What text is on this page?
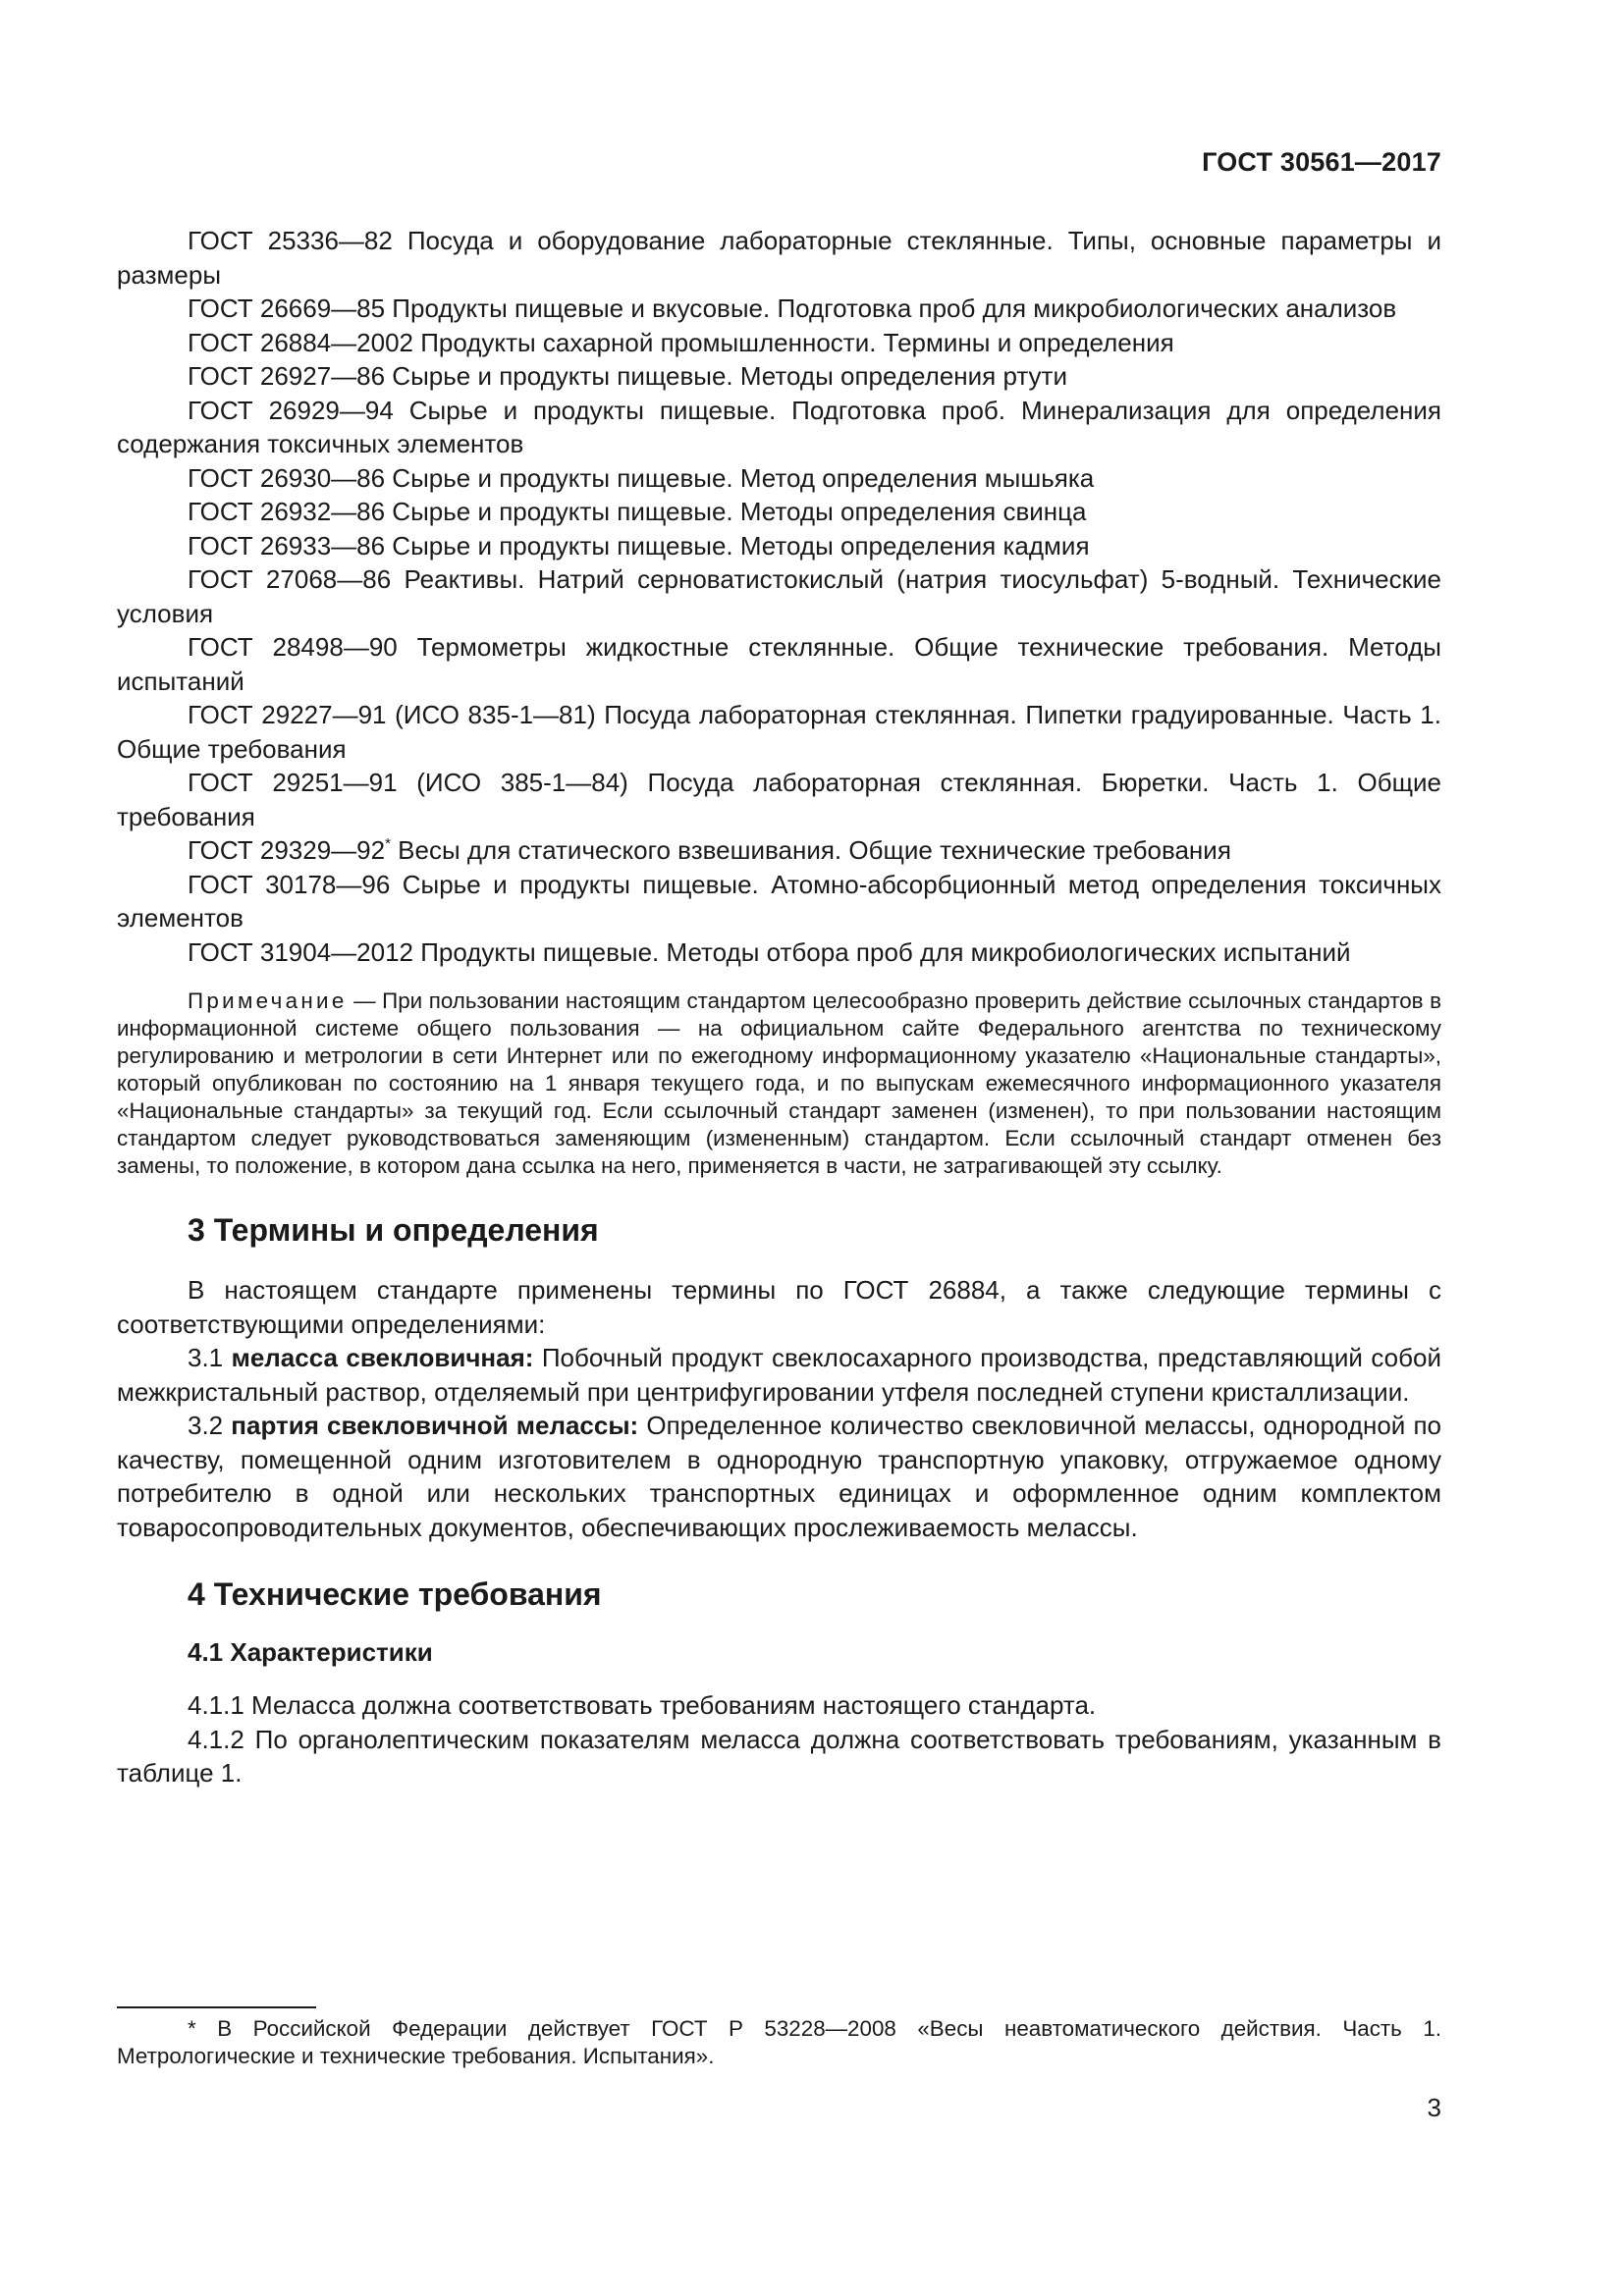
ГОСТ 30561—2017

ГОСТ 25336—82 Посуда и оборудование лабораторные стеклянные. Типы, основные параметры и размеры

ГОСТ 26669—85 Продукты пищевые и вкусовые. Подготовка проб для микробиологических анализов

ГОСТ 26884—2002 Продукты сахарной промышленности. Термины и определения

ГОСТ 26927—86 Сырье и продукты пищевые. Методы определения ртути

ГОСТ 26929—94 Сырье и продукты пищевые. Подготовка проб. Минерализация для определения содержания токсичных элементов

ГОСТ 26930—86 Сырье и продукты пищевые. Метод определения мышьяка

ГОСТ 26932—86 Сырье и продукты пищевые. Методы определения свинца

ГОСТ 26933—86 Сырье и продукты пищевые. Методы определения кадмия

ГОСТ 27068—86 Реактивы. Натрий серноватистокислый (натрия тиосульфат) 5-водный. Технические условия

ГОСТ 28498—90 Термометры жидкостные стеклянные. Общие технические требования. Методы испытаний

ГОСТ 29227—91 (ИСО 835-1—81) Посуда лабораторная стеклянная. Пипетки градуированные. Часть 1. Общие требования

ГОСТ 29251—91 (ИСО 385-1—84) Посуда лабораторная стеклянная. Бюретки. Часть 1. Общие требования

ГОСТ 29329—92* Весы для статического взвешивания. Общие технические требования

ГОСТ 30178—96 Сырье и продукты пищевые. Атомно-абсорбционный метод определения токсичных элементов

ГОСТ 31904—2012 Продукты пищевые. Методы отбора проб для микробиологических испытаний

Примечание — При пользовании настоящим стандартом целесообразно проверить действие ссылочных стандартов в информационной системе общего пользования — на официальном сайте Федерального агентства по техническому регулированию и метрологии в сети Интернет или по ежегодному информационному указателю «Национальные стандарты», который опубликован по состоянию на 1 января текущего года, и по выпускам ежемесячного информационного указателя «Национальные стандарты» за текущий год. Если ссылочный стандарт заменен (изменен), то при пользовании настоящим стандартом следует руководствоваться заменяющим (измененным) стандартом. Если ссылочный стандарт отменен без замены, то положение, в котором дана ссылка на него, применяется в части, не затрагивающей эту ссылку.

3 Термины и определения

В настоящем стандарте применены термины по ГОСТ 26884, а также следующие термины с соответствующими определениями:

3.1 меласса свекловичная: Побочный продукт свеклосахарного производства, представляющий собой межкристальный раствор, отделяемый при центрифугировании утфеля последней ступени кристаллизации.

3.2 партия свекловичной мелассы: Определенное количество свекловичной мелассы, однородной по качеству, помещенной одним изготовителем в однородную транспортную упаковку, отгружаемое одному потребителю в одной или нескольких транспортных единицах и оформленное одним комплектом товаросопроводительных документов, обеспечивающих прослеживаемость мелассы.

4 Технические требования
4.1 Характеристики

4.1.1 Меласса должна соответствовать требованиям настоящего стандарта.

4.1.2 По органолептическим показателям меласса должна соответствовать требованиям, указанным в таблице 1.

* В Российской Федерации действует ГОСТ Р 53228—2008 «Весы неавтоматического действия. Часть 1. Метрологические и технические требования. Испытания».

3
